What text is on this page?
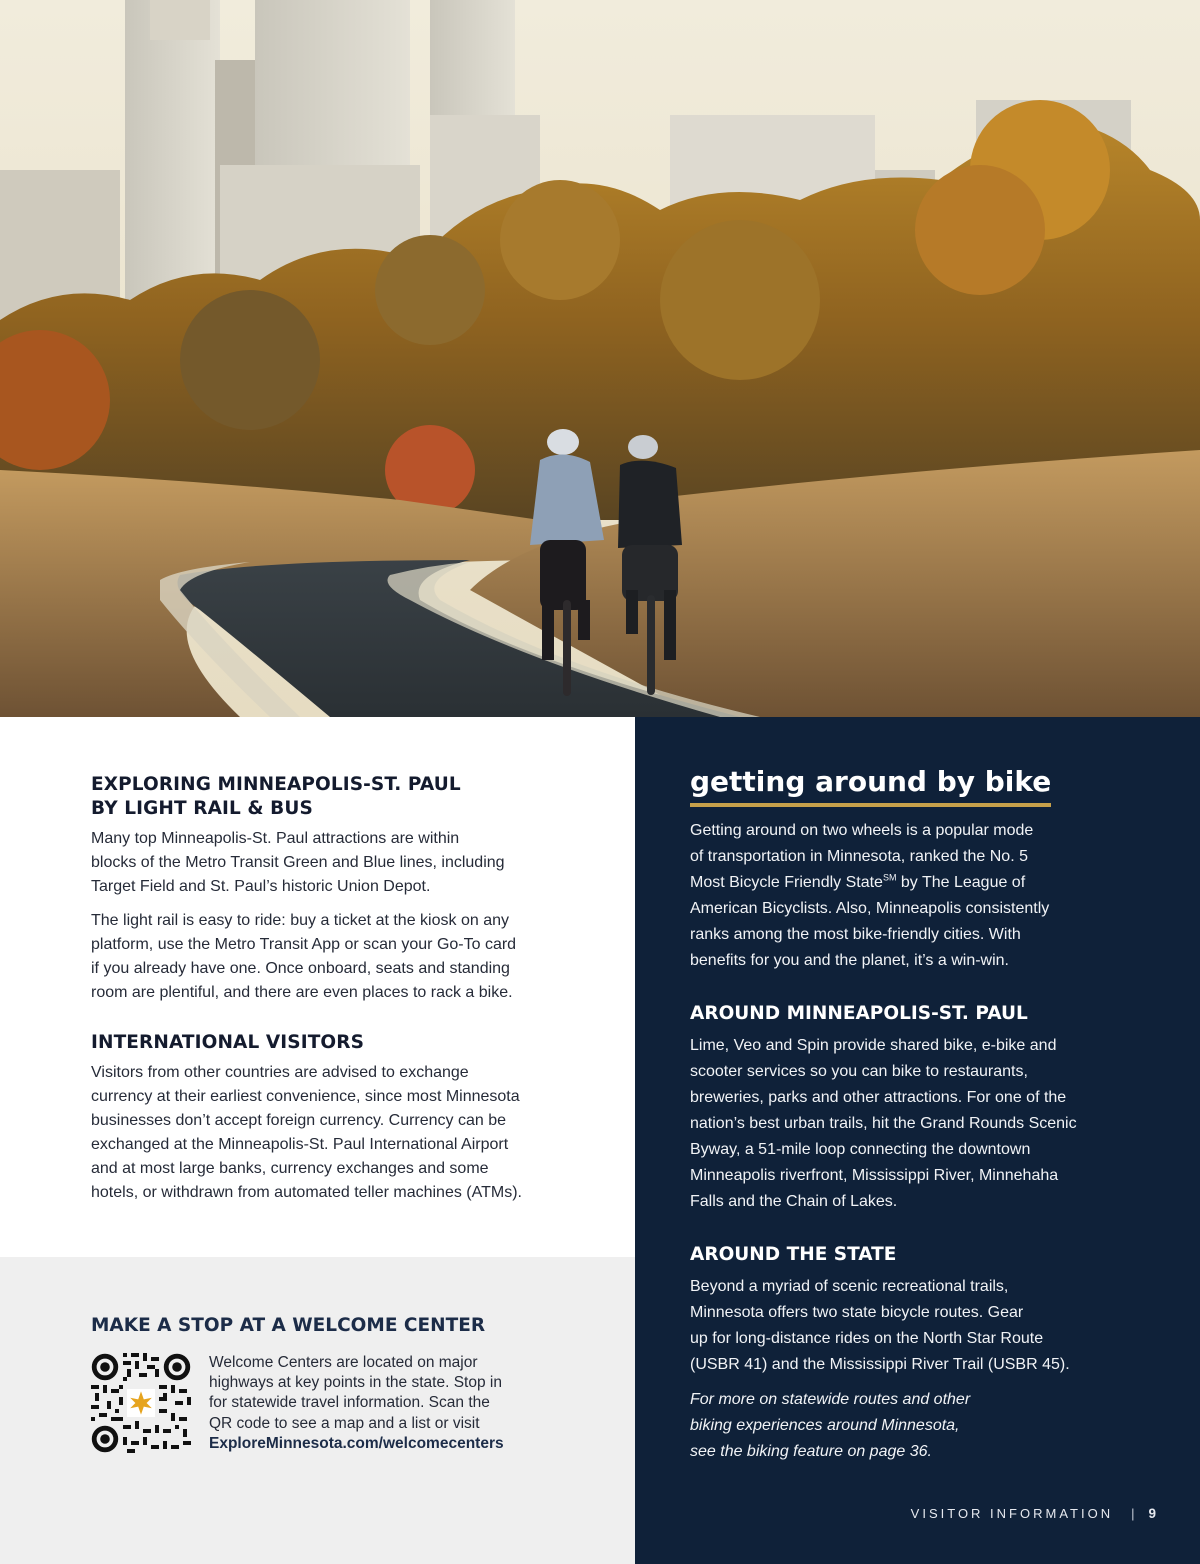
EXPLORING MINNEAPOLIS-ST. PAUL
BY LIGHT RAIL & BUS

Many top Minneapolis-St. Paul attractions are within
blocks of the Metro Transit Green and Blue lines, including
Target Field and St. Paul’s historic Union Depot.

The light rail is easy to ride: buy a ticket at the kiosk on any
platform, use the Metro Transit App or scan your Go-To card
if you already have one. Once onboard, seats and standing
room are plentiful, and there are even places to rack a bike.

INTERNATIONAL VISITORS

Visitors from other countries are advised to exchange
currency at their earliest convenience, since most Minnesota
businesses don’t accept foreign currency. Currency can be
exchanged at the Minneapolis-St. Paul International Airport
and at most large banks, currency exchanges and some
hotels, or withdrawn from automated teller machines (ATMs).

MAKE A STOP AT A WELCOME CENTER
Welcome Centers are located on major
highways at key points in the state. Stop in
for statewide travel information. Scan the
QR code to see a map and a list or visit
ExploreMinnesota.com/welcomecenters
getting around by bike

Getting around on two wheels is a popular mode
of transportation in Minnesota, ranked the No. 5
Most Bicycle Friendly State℠ by The League of
American Bicyclists. Also, Minneapolis consistently
ranks among the most bike-friendly cities. With
benefits for you and the planet, it’s a win-win.

AROUND MINNEAPOLIS-ST. PAUL

Lime, Veo and Spin provide shared bike, e-bike and
scooter services so you can bike to restaurants,
breweries, parks and other attractions. For one of the
nation’s best urban trails, hit the Grand Rounds Scenic
Byway, a 51-mile loop connecting the downtown
Minneapolis riverfront, Mississippi River, Minnehaha
Falls and the Chain of Lakes.

AROUND THE STATE

Beyond a myriad of scenic recreational trails,
Minnesota offers two state bicycle routes. Gear
up for long-distance rides on the North Star Route
(USBR 41) and the Mississippi River Trail (USBR 45).

For more on statewide routes and other
biking experiences around Minnesota,
see the biking feature on page 36.

VISITOR INFORMATION | 9
